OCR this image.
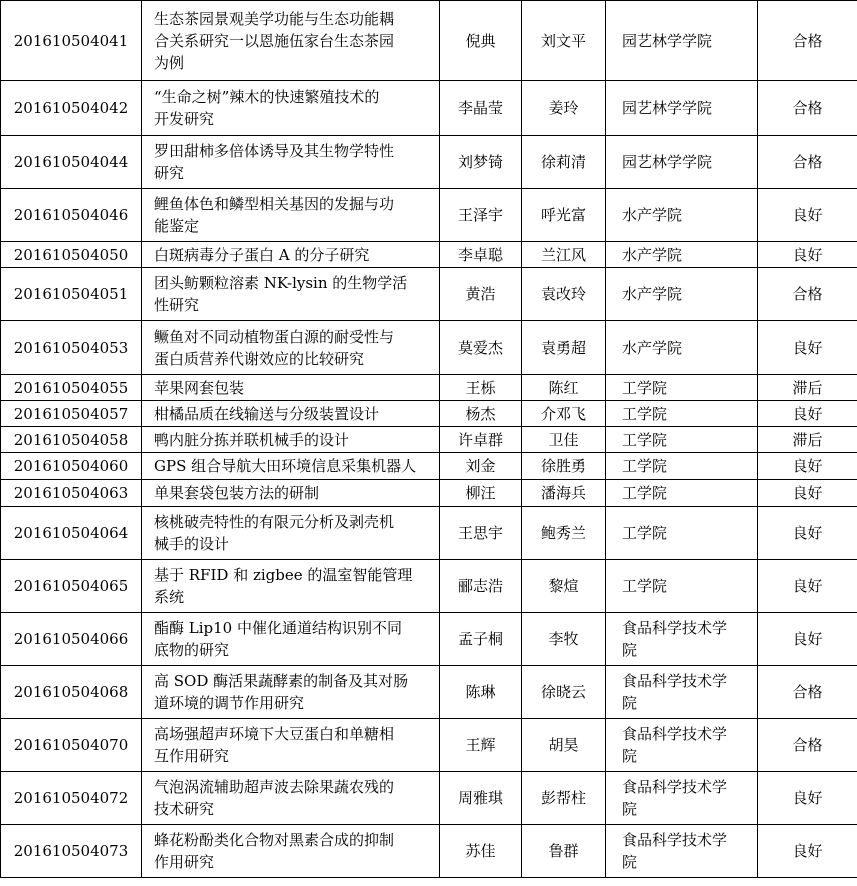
201610504041	生态茶园景观美学功能与生态功能耦
合关系研究一以恩施伍家台生态茶园
为例	倪典	刘文平	园艺林学学院	合格
201610504042	“生命之树”辣木的快速繁殖技术的
开发研究	李晶莹	姜玲	园艺林学学院	合格
201610504044	罗田甜柿多倍体诱导及其生物学特性
研究	刘梦锜	徐莉清	园艺林学学院	合格
201610504046	鲤鱼体色和鳞型相关基因的发掘与功
能鉴定	王泽宇	呼光富	水产学院	良好
201610504050	白斑病毒分子蛋白 A 的分子研究	李卓聪	兰江风	水产学院	良好
201610504051	团头鲂颗粒溶素 NK-lysin 的生物学活
性研究	黄浩	袁改玲	水产学院	合格
201610504053	鳜鱼对不同动植物蛋白源的耐受性与
蛋白质营养代谢效应的比较研究	莫爱杰	袁勇超	水产学院	良好
201610504055	苹果网套包装	王栎	陈红	工学院	滞后
201610504057	柑橘品质在线输送与分级装置设计	杨杰	介邓飞	工学院	良好
201610504058	鸭内脏分拣并联机械手的设计	许卓群	卫佳	工学院	滞后
201610504060	GPS 组合导航大田环境信息采集机器人	刘金	徐胜勇	工学院	良好
201610504063	单果套袋包装方法的研制	柳汪	潘海兵	工学院	良好
201610504064	核桃破壳特性的有限元分析及剥壳机
械手的设计	王思宇	鲍秀兰	工学院	良好
201610504065	基于 RFID 和 zigbee 的温室智能管理
系统	郦志浩	黎煊	工学院	良好
201610504066	酯酶 Lip10 中催化通道结构识别不同
底物的研究	孟子桐	李牧	食品科学技术学院	良好
201610504068	高 SOD 酶活果蔬酵素的制备及其对肠
道环境的调节作用研究	陈琳	徐晓云	食品科学技术学院	合格
201610504070	高场强超声环境下大豆蛋白和单糖相
互作用研究	王辉	胡昊	食品科学技术学院	合格
201610504072	气泡涡流辅助超声波去除果蔬农残的
技术研究	周雅琪	彭帮柱	食品科学技术学院	良好
201610504073	蜂花粉酚类化合物对黑素合成的抑制
作用研究	苏佳	鲁群	食品科学技术学院	良好
